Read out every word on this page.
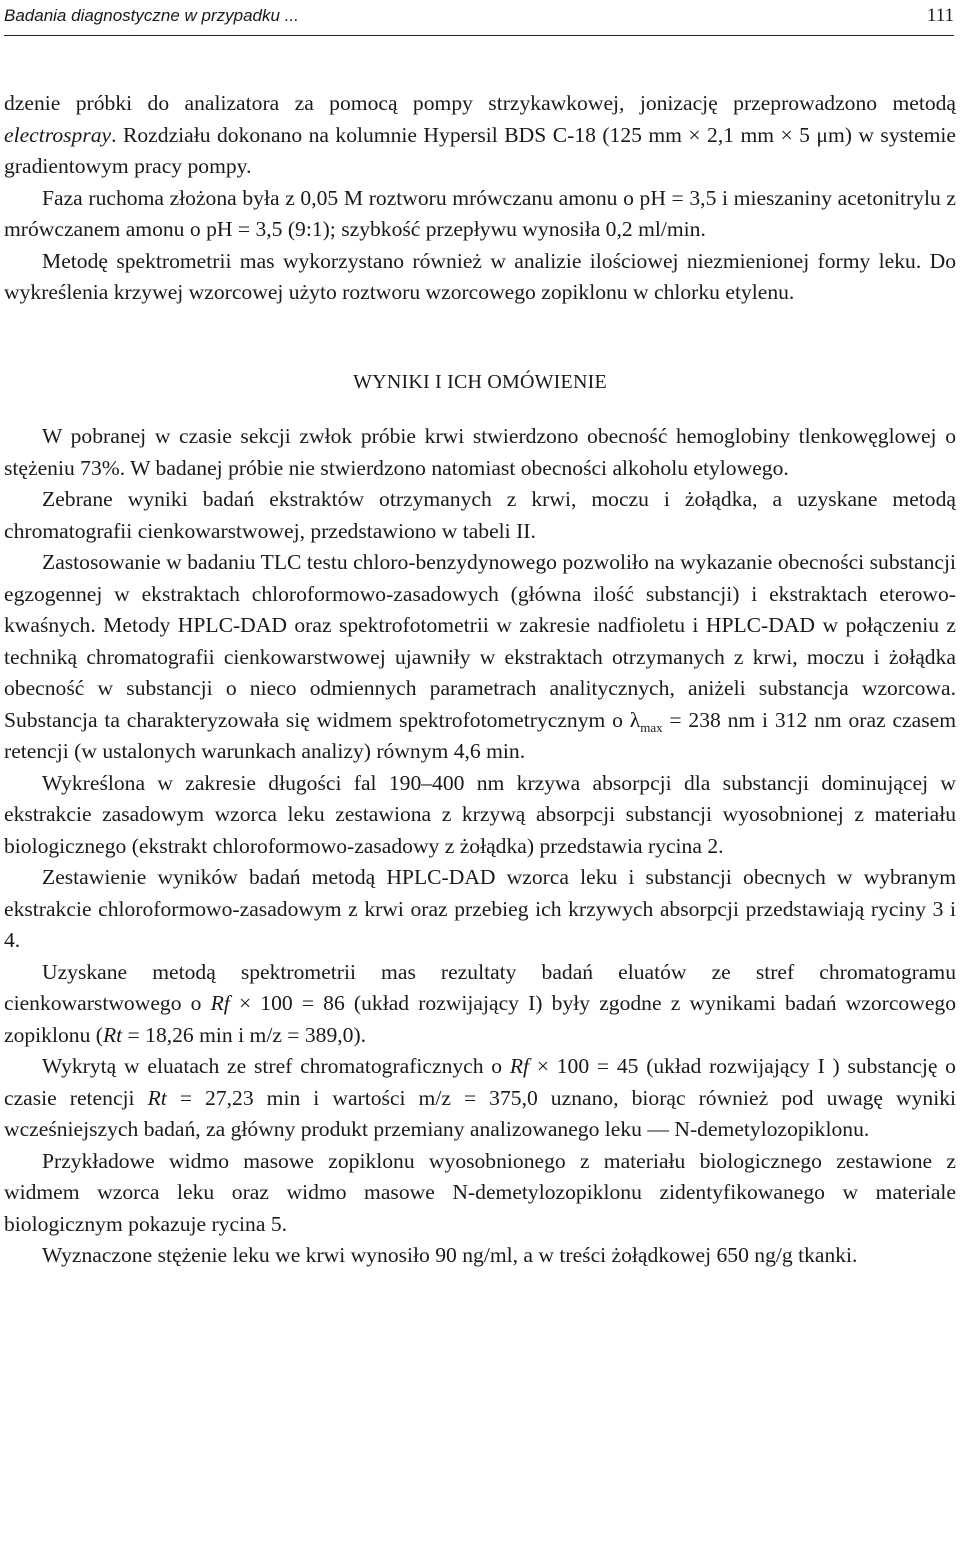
Badania diagnostyczne w przypadku ...	111

dzenie próbki do analizatora za pomocą pompy strzykawkowej, jonizację przeprowadzono metodą electrospray. Rozdziału dokonano na kolumnie Hypersil BDS C-18 (125 mm × 2,1 mm × 5 μm) w systemie gradientowym pracy pompy.

Faza ruchoma złożona była z 0,05 M roztworu mrówczanu amonu o pH = 3,5 i mieszaniny acetonitrylu z mrówczanem amonu o pH = 3,5 (9:1); szybkość przepływu wynosiła 0,2 ml/min.

Metodę spektrometrii mas wykorzystano również w analizie ilościowej niezmienionej formy leku. Do wykreślenia krzywej wzorcowej użyto roztworu wzorcowego zopiklonu w chlorku etylenu.

WYNIKI I ICH OMÓWIENIE

W pobranej w czasie sekcji zwłok próbie krwi stwierdzono obecność hemoglobiny tlenkowęglowej o stężeniu 73%. W badanej próbie nie stwierdzono natomiast obecności alkoholu etylowego.

Zebrane wyniki badań ekstraktów otrzymanych z krwi, moczu i żołądka, a uzyskane metodą chromatografii cienkowarstwowej, przedstawiono w tabeli II.

Zastosowanie w badaniu TLC testu chloro-benzydynowego pozwoliło na wykazanie obecności substancji egzogennej w ekstraktach chloroformowo-zasadowych (główna ilość substancji) i ekstraktach eterowo-kwaśnych. Metody HPLC-DAD oraz spektrofotometrii w zakresie nadfioletu i HPLC-DAD w połączeniu z techniką chromatografii cienkowarstwowej ujawniły w ekstraktach otrzymanych z krwi, moczu i żołądka obecność w substancji o nieco odmiennych parametrach analitycznych, aniżeli substancja wzorcowa. Substancja ta charakteryzowała się widmem spektrofotometrycznym o $\lambda_{max} = 238$ nm i 312 nm oraz czasem retencji (w ustalonych warunkach analizy) równym 4,6 min.

Wykreślona w zakresie długości fal 190–400 nm krzywa absorpcji dla substancji dominującej w ekstrakcie zasadowym wzorca leku zestawiona z krzywą absorpcji substancji wyosobnionej z materiału biologicznego (ekstrakt chloroformowo-zasadowy z żołądka) przedstawia rycina 2.

Zestawienie wyników badań metodą HPLC-DAD wzorca leku i substancji obecnych w wybranym ekstrakcie chloroformowo-zasadowym z krwi oraz przebieg ich krzywych absorpcji przedstawiają ryciny 3 i 4.

Uzyskane metodą spektrometrii mas rezultaty badań eluatów ze stref chromatogramu cienkowarstwowego o Rf × 100 = 86 (układ rozwijający I) były zgodne z wynikami badań wzorcowego zopiklonu (Rt = 18,26 min i m/z = 389,0).

Wykrytą w eluatach ze stref chromatograficznych o Rf × 100 = 45 (układ rozwijający I ) substancję o czasie retencji Rt = 27,23 min i wartości m/z = 375,0 uznano, biorąc również pod uwagę wyniki wcześniejszych badań, za główny produkt przemiany analizowanego leku — N-demetylozopiklonu.

Przykładowe widmo masowe zopiklonu wyosobnionego z materiału biologicznego zestawione z widmem wzorca leku oraz widmo masowe N-demetylozopiklonu zidentyfikowanego w materiale biologicznym pokazuje rycina 5.

Wyznaczone stężenie leku we krwi wynosiło 90 ng/ml, a w treści żołądkowej 650 ng/g tkanki.
